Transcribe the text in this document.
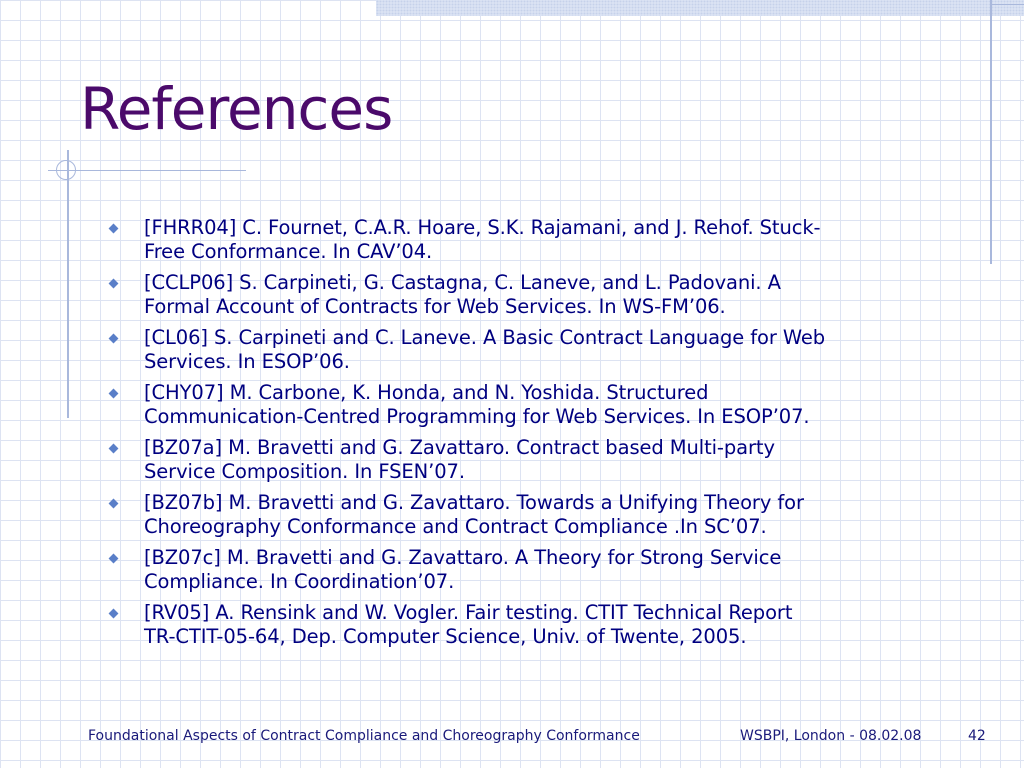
References
[FHRR04] C. Fournet, C.A.R. Hoare, S.K. Rajamani, and J. Rehof. Stuck-
Free Conformance. In CAV’04.
[CCLP06] S. Carpineti, G. Castagna, C. Laneve, and L. Padovani. A
Formal Account of Contracts for Web Services. In WS-FM’06.
[CL06] S. Carpineti and C. Laneve. A Basic Contract Language for Web
Services. In ESOP’06.
[CHY07] M. Carbone, K. Honda, and N. Yoshida. Structured
Communication-Centred Programming for Web Services. In ESOP’07.
[BZ07a] M. Bravetti and G. Zavattaro. Contract based Multi-party
Service Composition. In FSEN’07.
[BZ07b] M. Bravetti and G. Zavattaro. Towards a Unifying Theory for
Choreography Conformance and Contract Compliance .In SC’07.
[BZ07c] M. Bravetti and G. Zavattaro. A Theory for Strong Service
Compliance. In Coordination’07.
[RV05] A. Rensink and W. Vogler. Fair testing. CTIT Technical Report
TR-CTIT-05-64, Dep. Computer Science, Univ. of Twente, 2005.
Foundational Aspects of Contract Compliance and Choreography Conformance	WSBPI, London - 08.02.08	42
